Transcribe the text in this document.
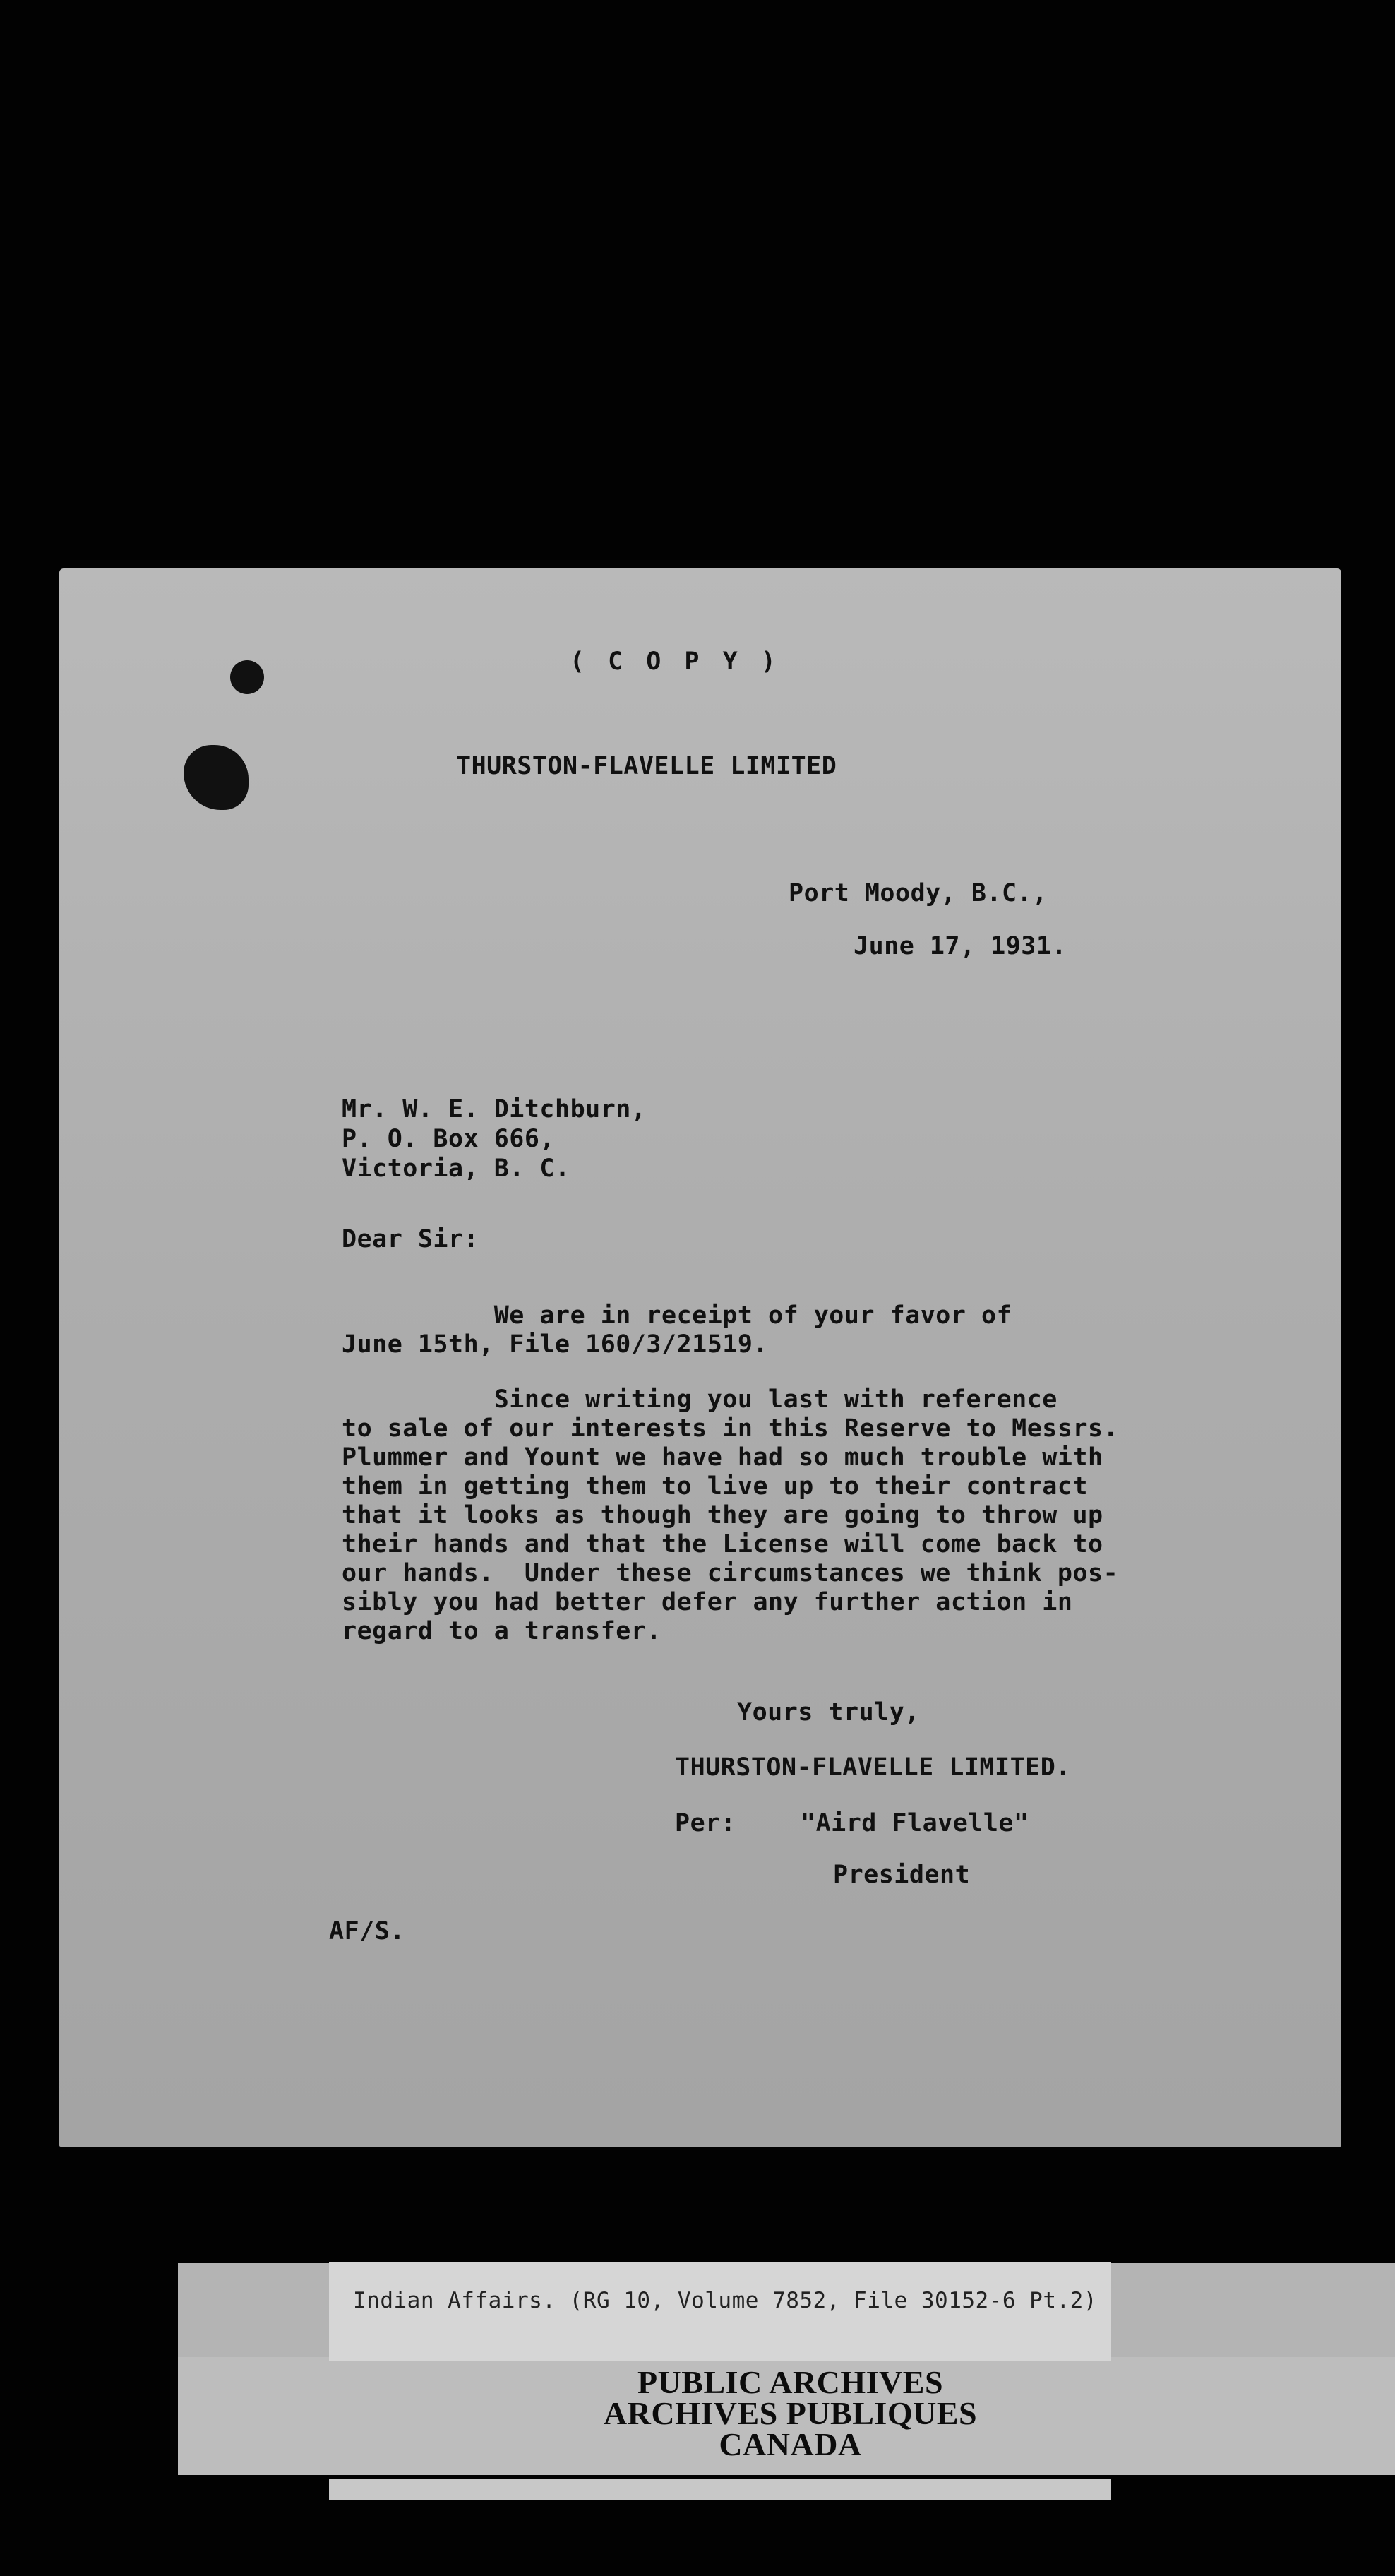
( C O P Y )

THURSTON-FLAVELLE LIMITED

Port Moody, B.C.,

June 17, 1931.

Mr. W. E. Ditchburn,

P. O. Box 666,

Victoria, B. C.

Dear Sir:

We are in receipt of your favor of
June 15th, File 160/3/21519.

Since writing you last with reference
to sale of our interests in this Reserve to Messrs.
Plummer and Yount we have had so much trouble with
them in getting them to live up to their contract
that it looks as though they are going to throw up
their hands and that the License will come back to
our hands.  Under these circumstances we think pos-
sibly you had better defer any further action in
regard to a transfer.

Yours truly,

THURSTON-FLAVELLE LIMITED.

Per:	"Aird Flavelle"

President

AF/S.

Indian Affairs. (RG 10, Volume 7852, File 30152-6 Pt.2)
PUBLIC ARCHIVES
ARCHIVES PUBLIQUES
CANADA
